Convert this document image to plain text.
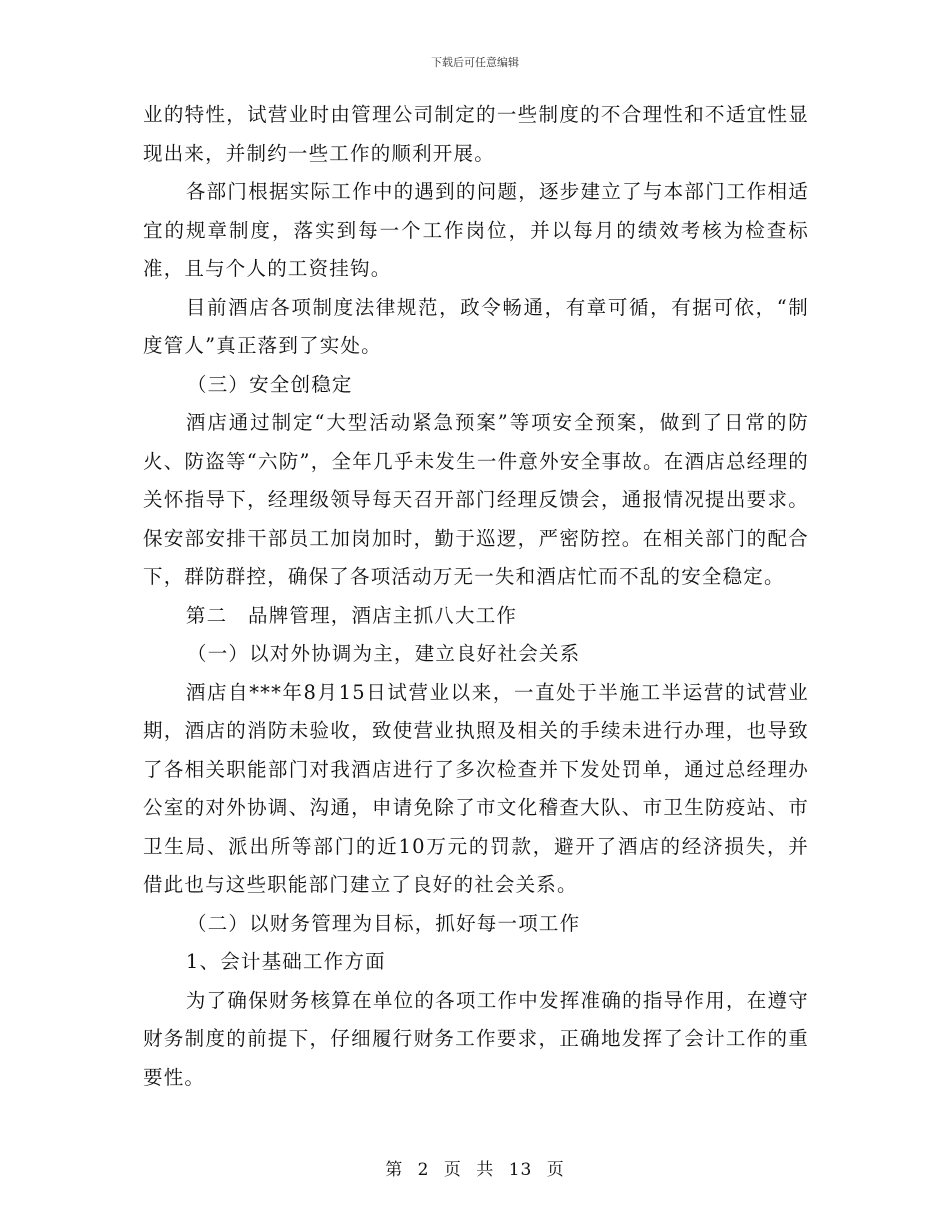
下载后可任意编辑

业的特性，试营业时由管理公司制定的一些制度的不合理性和不适宜性显现出来，并制约一些工作的顺利开展。

各部门根据实际工作中的遇到的问题，逐步建立了与本部门工作相适宜的规章制度，落实到每一个工作岗位，并以每月的绩效考核为检查标准，且与个人的工资挂钩。

目前酒店各项制度法律规范，政令畅通，有章可循，有据可依，“制度管人”真正落到了实处。

（三）安全创稳定

酒店通过制定“大型活动紧急预案”等项安全预案，做到了日常的防火、防盗等“六防”，全年几乎未发生一件意外安全事故。在酒店总经理的关怀指导下，经理级领导每天召开部门经理反馈会，通报情况提出要求。保安部安排干部员工加岗加时，勤于巡逻，严密防控。在相关部门的配合下，群防群控，确保了各项活动万无一失和酒店忙而不乱的安全稳定。

第二　品牌管理，酒店主抓八大工作

（一）以对外协调为主，建立良好社会关系

酒店自***年8月15日试营业以来，一直处于半施工半运营的试营业期，酒店的消防未验收，致使营业执照及相关的手续未进行办理，也导致了各相关职能部门对我酒店进行了多次检查并下发处罚单，通过总经理办公室的对外协调、沟通，申请免除了市文化稽查大队、市卫生防疫站、市卫生局、派出所等部门的近10万元的罚款，避开了酒店的经济损失，并借此也与这些职能部门建立了良好的社会关系。

（二）以财务管理为目标，抓好每一项工作

1、会计基础工作方面

为了确保财务核算在单位的各项工作中发挥准确的指导作用，在遵守财务制度的前提下，仔细履行财务工作要求，正确地发挥了会计工作的重要性。

第 2 页 共 13 页
